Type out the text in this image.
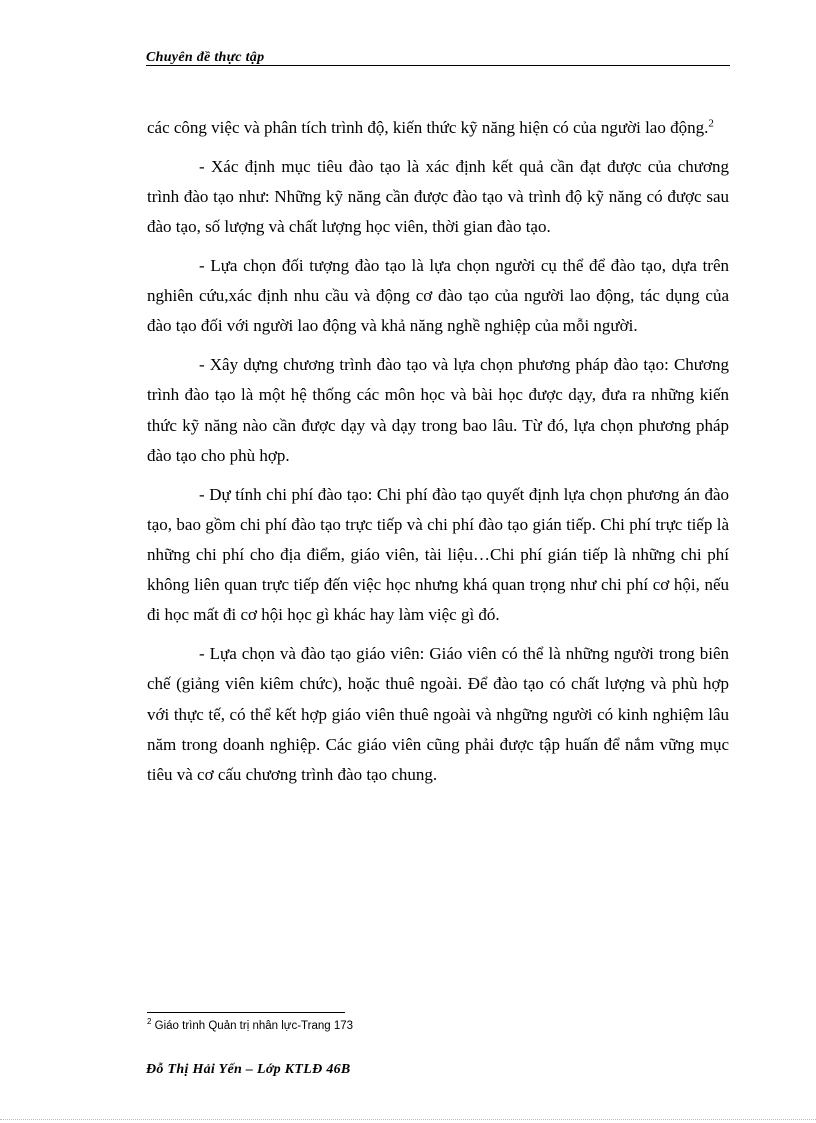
Chuyên đề thực tập

các công việc và phân tích trình độ, kiến thức kỹ năng hiện có của người lao động.$^2$

- Xác định mục tiêu đào tạo là xác định kết quả cần đạt được của chương trình đào tạo như: Những kỹ năng cần được đào tạo và trình độ kỹ năng có được sau đào tạo, số lượng và chất lượng học viên, thời gian đào tạo.

- Lựa chọn đối tượng đào tạo là lựa chọn người cụ thể để đào tạo, dựa trên nghiên cứu,xác định nhu cầu và động cơ đào tạo của người lao động, tác dụng của đào tạo đối với người lao động và khả năng nghề nghiệp của mỗi người.

- Xây dựng chương trình đào tạo và lựa chọn phương pháp đào tạo: Chương trình đào tạo là một hệ thống các môn học và bài học được dạy, đưa ra những kiến thức kỹ năng nào cần được dạy và dạy trong bao lâu. Từ đó, lựa chọn phương pháp đào tạo cho phù hợp.

- Dự tính chi phí đào tạo: Chi phí đào tạo quyết định lựa chọn phương án đào tạo, bao gồm chi phí đào tạo trực tiếp và chi phí đào tạo gián tiếp. Chi phí trực tiếp là những chi phí cho địa điểm, giáo viên, tài liệu…Chi phí gián tiếp là những chi phí không liên quan trực tiếp đến việc học nhưng khá quan trọng như chi phí cơ hội, nếu đi học mất đi cơ hội học gì khác hay làm việc gì đó.

- Lựa chọn và đào tạo giáo viên: Giáo viên có thể là những người trong biên chế (giảng viên kiêm chức), hoặc thuê ngoài. Để đào tạo có chất lượng và phù hợp với thực tế, có thể kết hợp giáo viên thuê ngoài và nhgững người có kinh nghiệm lâu năm trong doanh nghiệp. Các giáo viên cũng phải được tập huấn để nắm vững mục tiêu và cơ cấu chương trình đào tạo chung.

$^2$ Giáo trình Quản trị nhân lực-Trang 173
Đỗ Thị Hải Yến – Lớp KTLĐ 46B
